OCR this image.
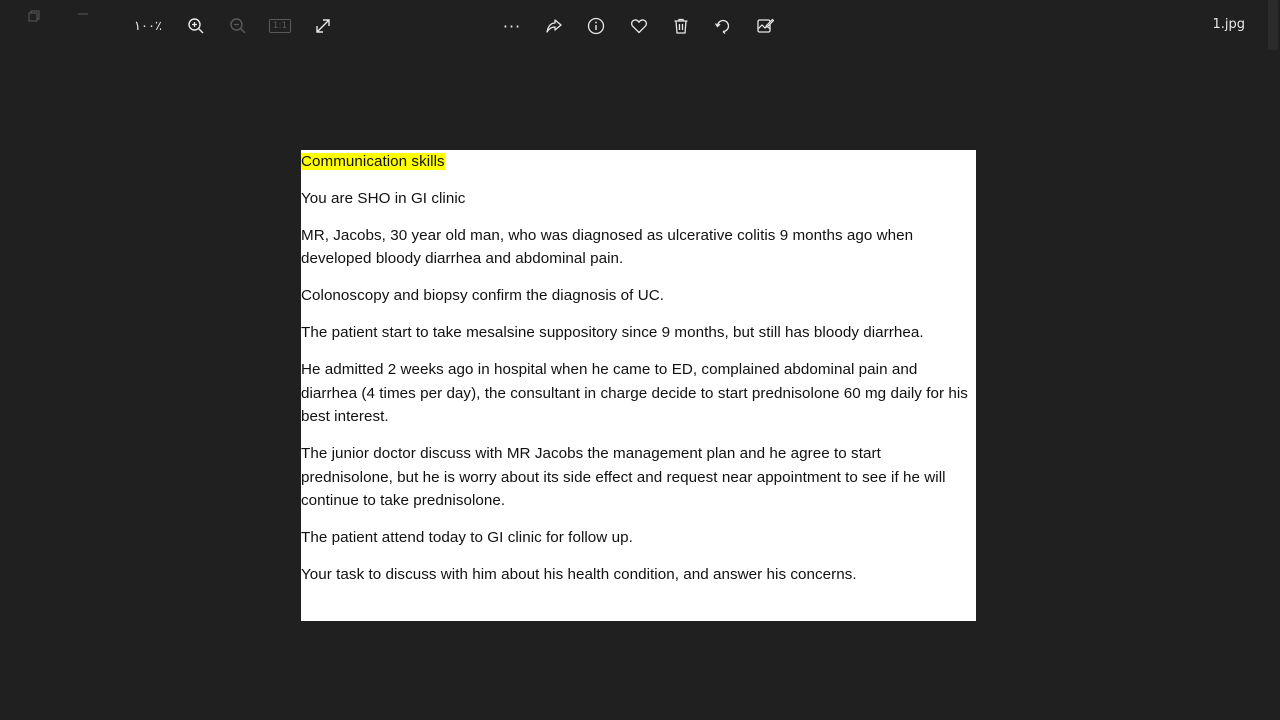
١٠٠٪	1:1	···	1.jpg

Communication skills

You are SHO in GI clinic

MR, Jacobs, 30 year old man, who was diagnosed as ulcerative colitis 9 months ago when developed bloody diarrhea and abdominal pain.

Colonoscopy and biopsy confirm the diagnosis of UC.

The patient start to take mesalsine suppository since 9 months, but still has bloody diarrhea.

He admitted 2 weeks ago in hospital when he came to ED, complained abdominal pain and diarrhea (4 times per day), the consultant in charge decide to start prednisolone 60 mg daily for his best interest.

The junior doctor discuss with MR Jacobs the management plan and he agree to start prednisolone, but he is worry about its side effect and request near appointment to see if he will continue to take prednisolone.

The patient attend today to GI clinic for follow up.

Your task to discuss with him about his health condition, and answer his concerns.
